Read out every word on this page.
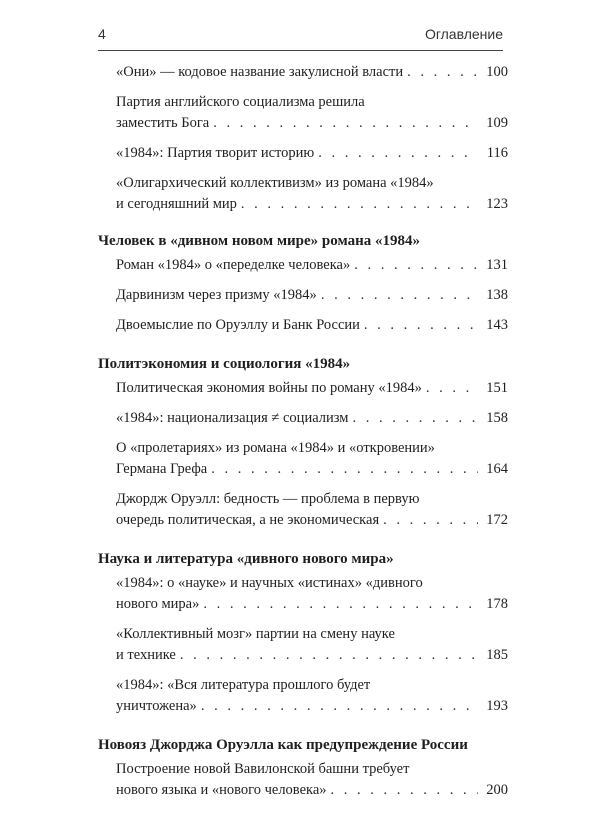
4	Оглавление
«Они» — кодовое название закулисной власти . . .	100
Партия английского социализма решила
заместить Бога . . .	109
«1984»: Партия творит историю . . .	116
«Олигархический коллективизм» из романа «1984»
и сегодняшний мир . . .	123
Человек в «дивном новом мире» романа «1984»
Роман «1984» о «переделке человека» . . .	131
Дарвинизм через призму «1984» . . .	138
Двоемыслие по Оруэллу и Банк России . . .	143
Политэкономия и социология «1984»
Политическая экономия войны по роману «1984» . . .	151
«1984»: национализация ≠ социализм . . .	158
О «пролетариях» из романа «1984» и «откровении»
Германа Грефа . . .	164
Джордж Оруэлл: бедность — проблема в первую
очередь политическая, а не экономическая . . .	172
Наука и литература «дивного нового мира»
«1984»: о «науке» и научных «истинах» «дивного
нового мира» . . .	178
«Коллективный мозг» партии на смену науке
и технике . . .	185
«1984»: «Вся литература прошлого будет
уничтожена» . . .	193
Новояз Джорджа Оруэлла как предупреждение России
Построение новой Вавилонской башни требует
нового языка и «нового человека» . . .	200
